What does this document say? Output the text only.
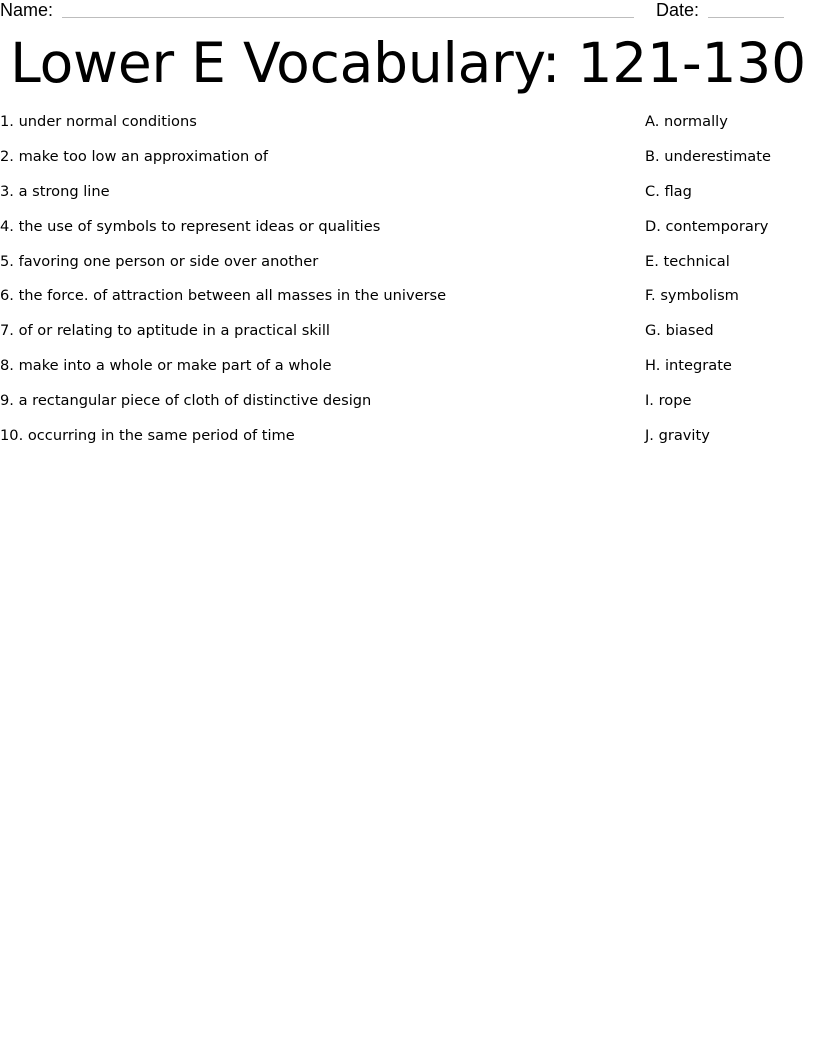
Name:	Date:
Lower E Vocabulary: 121-130
1. under normal conditions
2. make too low an approximation of
3. a strong line
4. the use of symbols to represent ideas or qualities
5. favoring one person or side over another
6. the force. of attraction between all masses in the universe
7. of or relating to aptitude in a practical skill
8. make into a whole or make part of a whole
9. a rectangular piece of cloth of distinctive design
10. occurring in the same period of time
A. normally
B. underestimate
C. flag
D. contemporary
E. technical
F. symbolism
G. biased
H. integrate
I. rope
J. gravity
